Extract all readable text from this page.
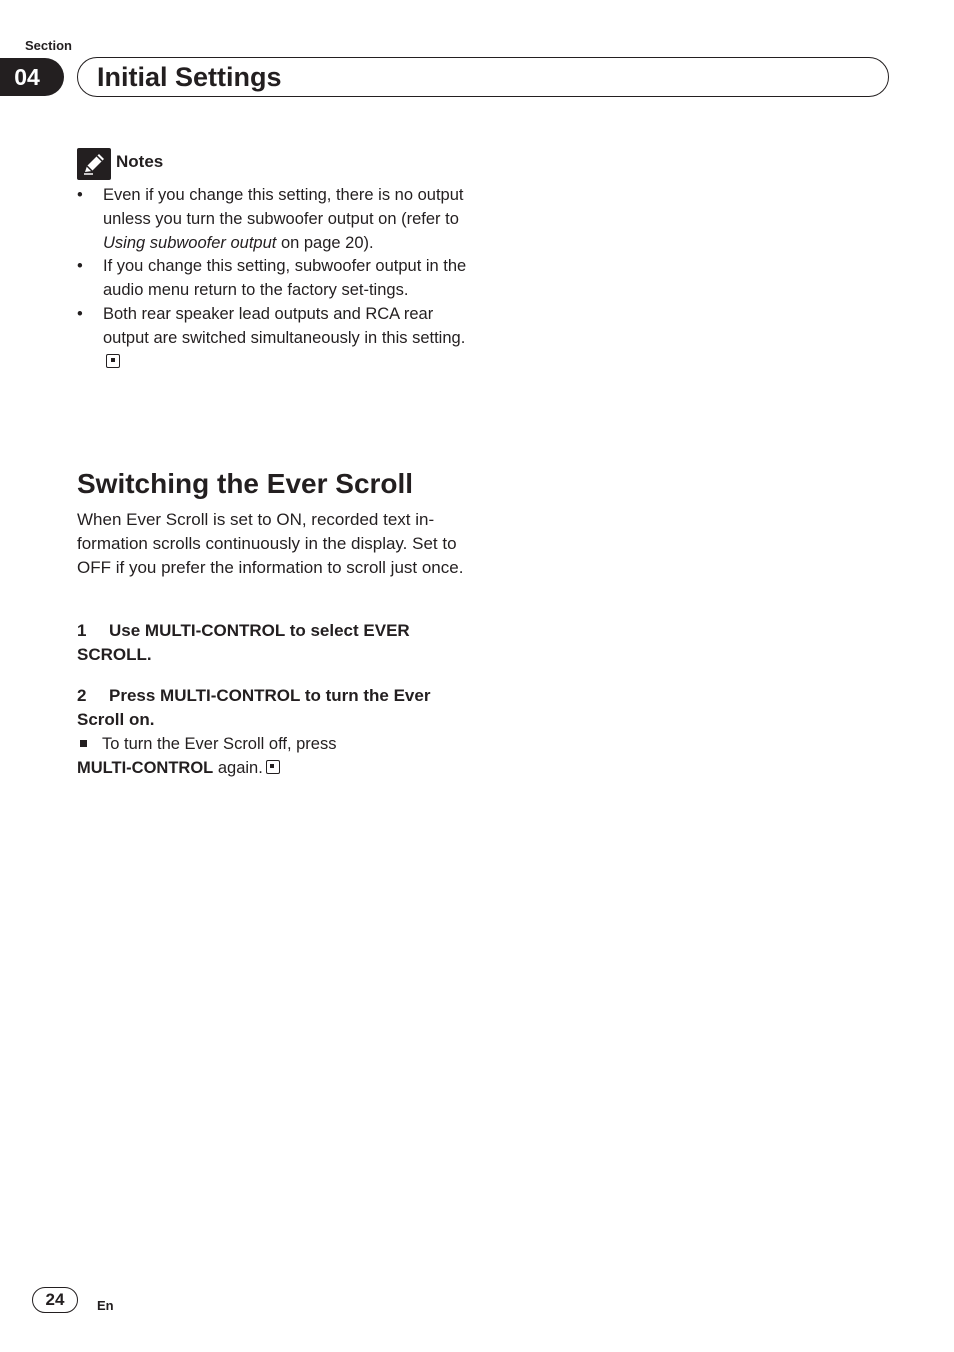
Section
04	Initial Settings
Notes
• Even if you change this setting, there is no output unless you turn the subwoofer output on (refer to Using subwoofer output on page 20).
• If you change this setting, subwoofer output in the audio menu return to the factory set-tings.
• Both rear speaker lead outputs and RCA rear output are switched simultaneously in this setting.
Switching the Ever Scroll

When Ever Scroll is set to ON, recorded text in-formation scrolls continuously in the display. Set to OFF if you prefer the information to scroll just once.

1 Use MULTI-CONTROL to select EVER SCROLL.

2 Press MULTI-CONTROL to turn the Ever Scroll on.

To turn the Ever Scroll off, press
MULTI-CONTROL again.

24	En
